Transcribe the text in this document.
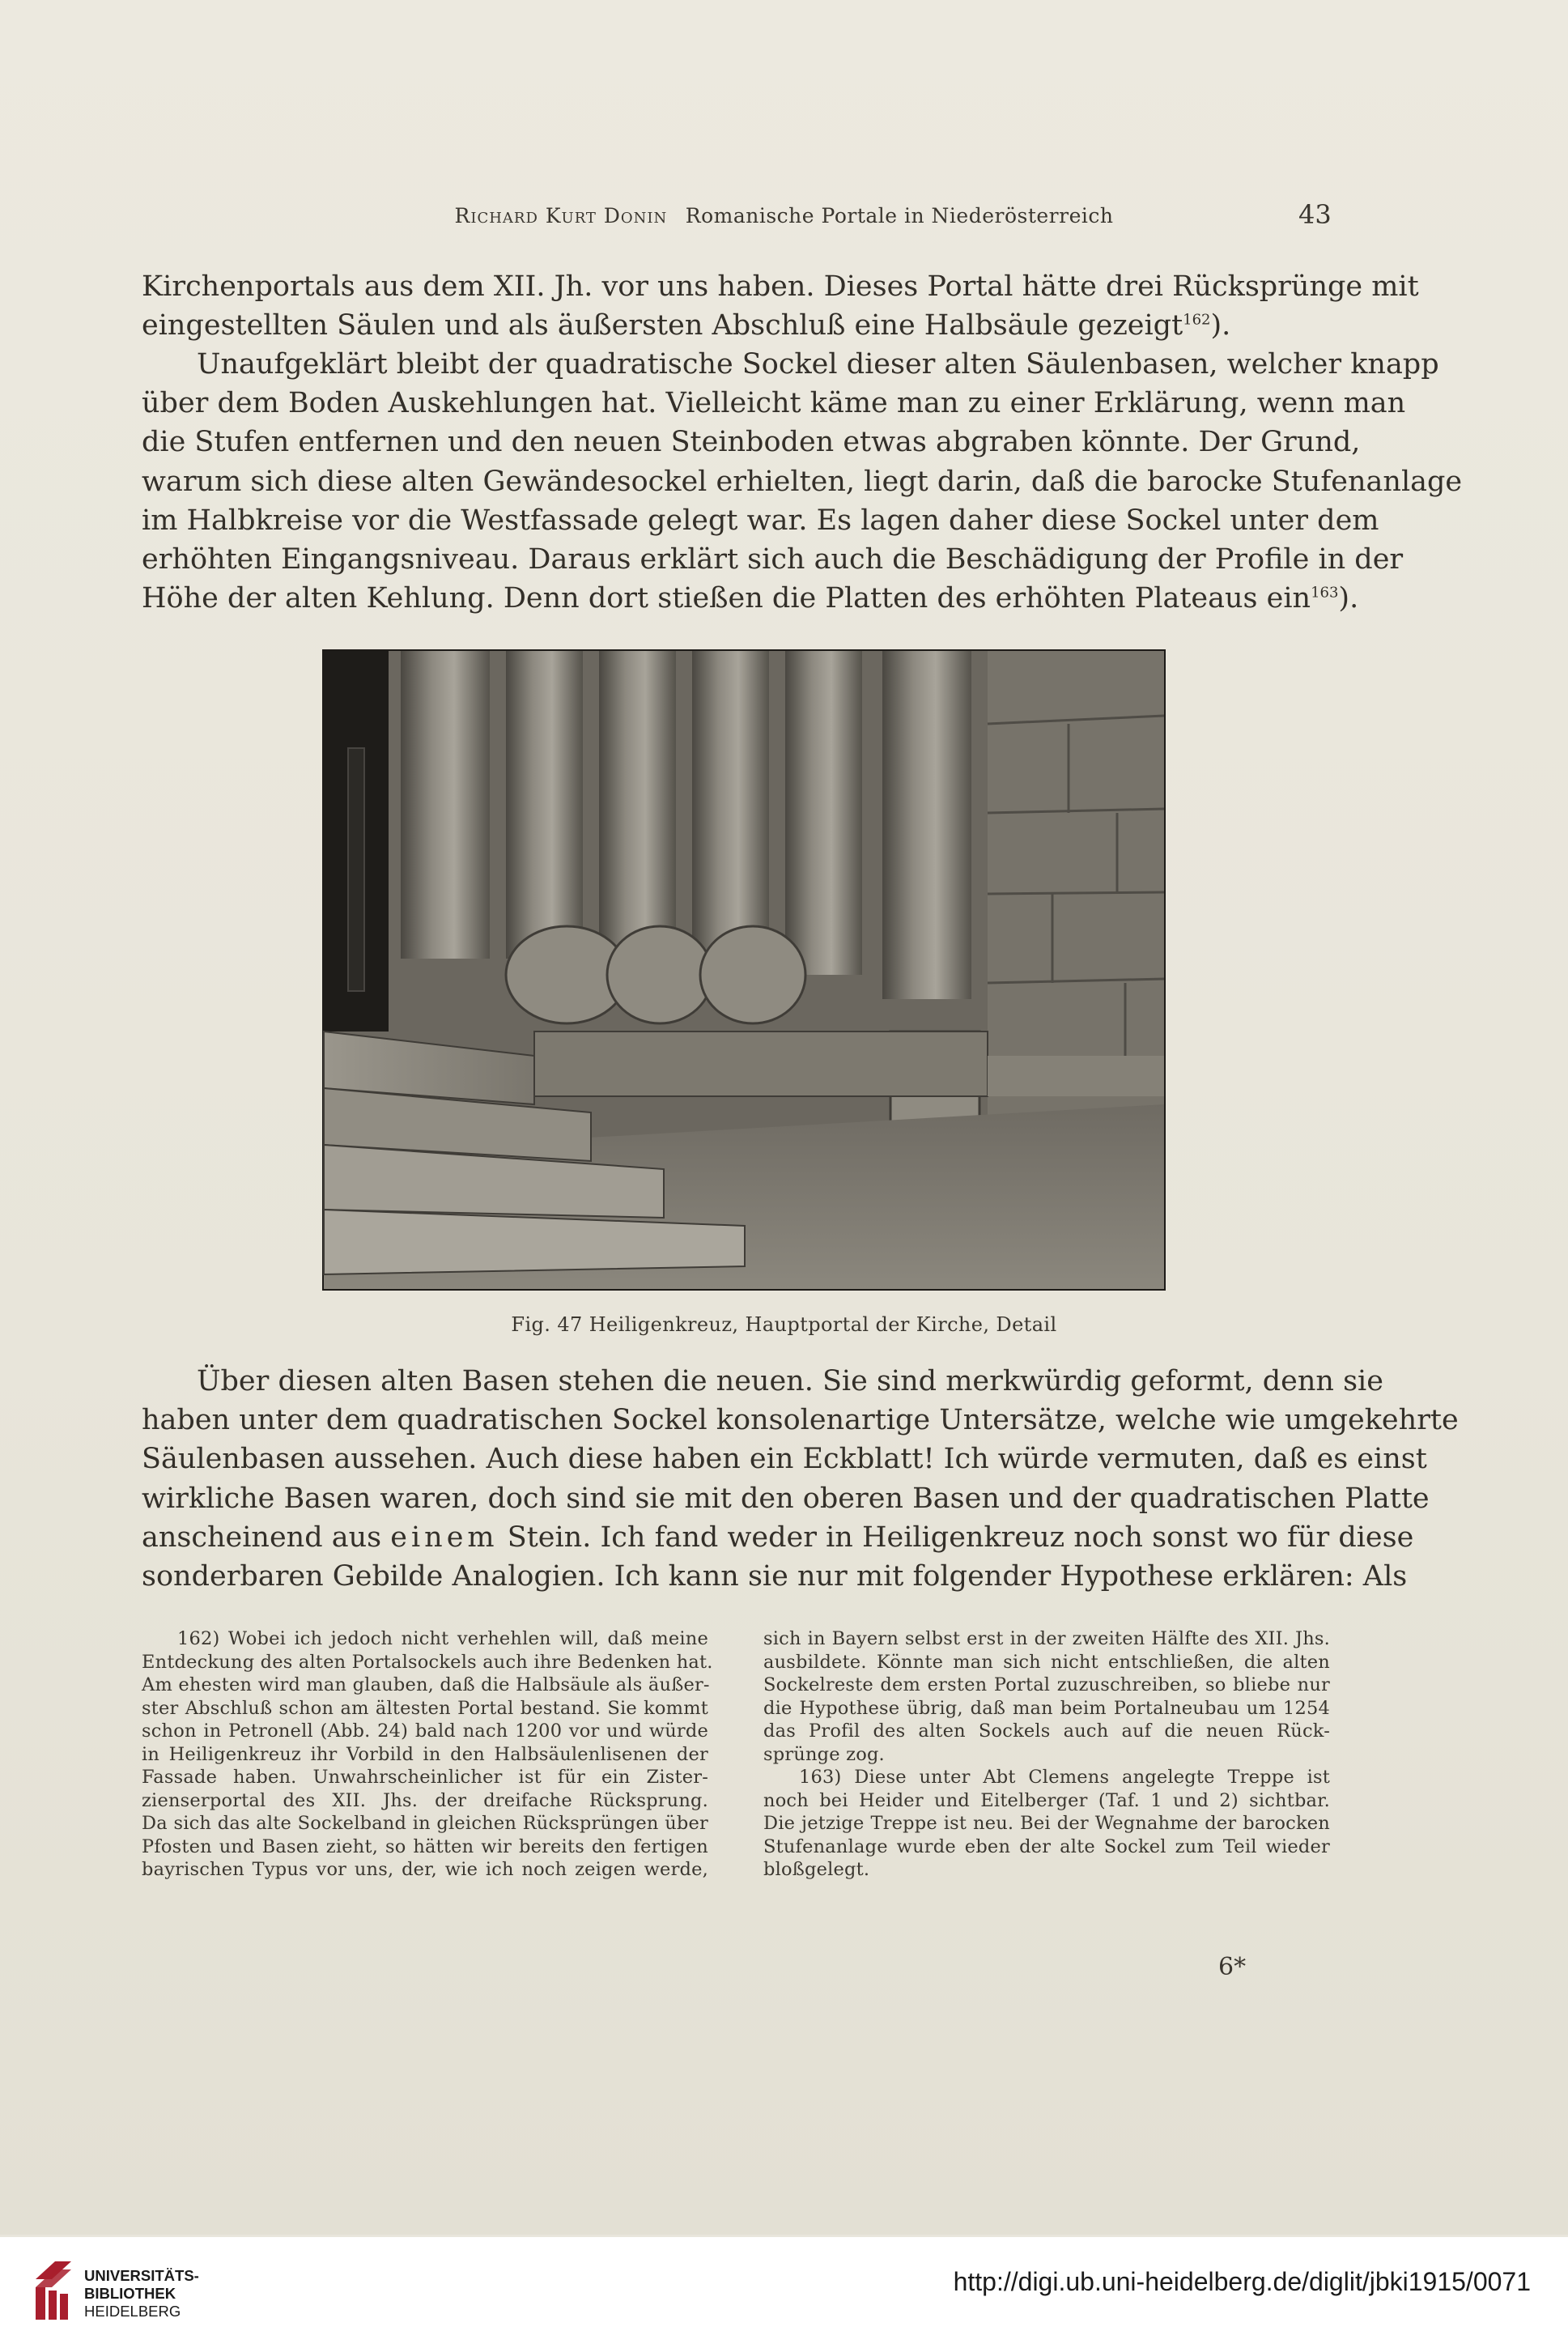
Richard Kurt Donin Romanische Portale in Niederösterreich	43
Kirchenportals aus dem XII. Jh. vor uns haben. Dieses Portal hätte drei Rücksprünge mit
eingestellten Säulen und als äußersten Abschluß eine Halbsäule gezeigt$^{162}$).
Unaufgeklärt bleibt der quadratische Sockel dieser alten Säulenbasen, welcher knapp
über dem Boden Auskehlungen hat. Vielleicht käme man zu einer Erklärung, wenn man
die Stufen entfernen und den neuen Steinboden etwas abgraben könnte. Der Grund,
warum sich diese alten Gewändesockel erhielten, liegt darin, daß die barocke Stufenanlage
im Halbkreise vor die Westfassade gelegt war. Es lagen daher diese Sockel unter dem
erhöhten Eingangsniveau. Daraus erklärt sich auch die Beschädigung der Profile in der
Höhe der alten Kehlung. Denn dort stießen die Platten des erhöhten Plateaus ein$^{163}$).
Fig. 47 Heiligenkreuz, Hauptportal der Kirche, Detail
Über diesen alten Basen stehen die neuen. Sie sind merkwürdig geformt, denn sie
haben unter dem quadratischen Sockel konsolenartige Untersätze, welche wie umgekehrte
Säulenbasen aussehen. Auch diese haben ein Eckblatt! Ich würde vermuten, daß es einst
wirkliche Basen waren, doch sind sie mit den oberen Basen und der quadratischen Platte
anscheinend aus einem Stein. Ich fand weder in Heiligenkreuz noch sonst wo für diese
sonderbaren Gebilde Analogien. Ich kann sie nur mit folgender Hypothese erklären: Als
162) Wobei ich jedoch nicht verhehlen will, daß meine
Entdeckung des alten Portalsockels auch ihre Bedenken hat.
Am ehesten wird man glauben, daß die Halbsäule als äußer-
ster Abschluß schon am ältesten Portal bestand. Sie kommt
schon in Petronell (Abb. 24) bald nach 1200 vor und würde
in Heiligenkreuz ihr Vorbild in den Halbsäulenlisenen der
Fassade haben. Unwahrscheinlicher ist für ein Zister-
zienserportal des XII. Jhs. der dreifache Rücksprung.
Da sich das alte Sockelband in gleichen Rücksprüngen über
Pfosten und Basen zieht, so hätten wir bereits den fertigen
bayrischen Typus vor uns, der, wie ich noch zeigen werde,
sich in Bayern selbst erst in der zweiten Hälfte des XII. Jhs.
ausbildete. Könnte man sich nicht entschließen, die alten
Sockelreste dem ersten Portal zuzuschreiben, so bliebe nur
die Hypothese übrig, daß man beim Portalneubau um 1254
das Profil des alten Sockels auch auf die neuen Rück-
sprünge zog.
163) Diese unter Abt Clemens angelegte Treppe ist
noch bei Heider und Eitelberger (Taf. 1 und 2) sichtbar.
Die jetzige Treppe ist neu. Bei der Wegnahme der barocken
Stufenanlage wurde eben der alte Sockel zum Teil wieder
bloßgelegt.
6*
UNIVERSITÄTS-
BIBLIOTHEK
HEIDELBERG
http://digi.ub.uni-heidelberg.de/diglit/jbki1915/0071
